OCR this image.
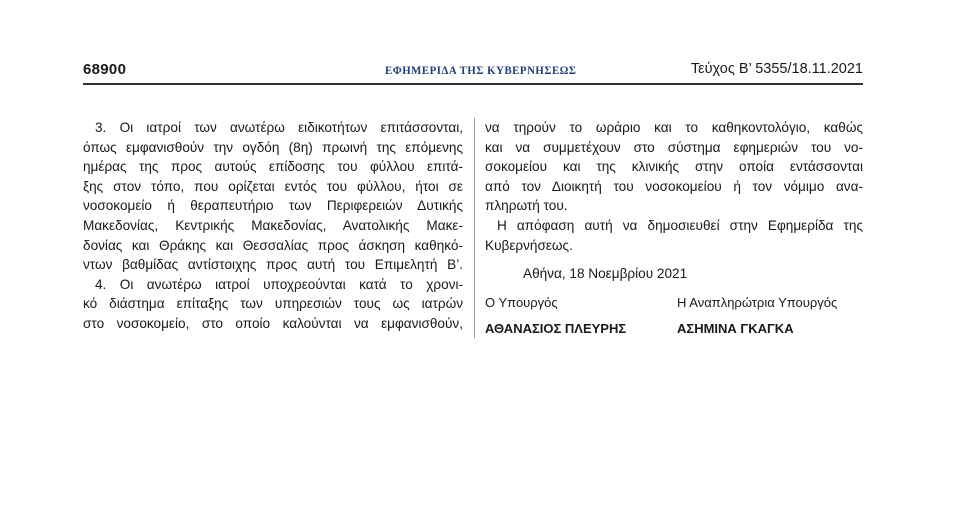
68900	ΕΦΗΜΕΡΙΔΑ ΤΗΣ ΚΥΒΕΡΝΗΣΕΩΣ	Τεύχος Β’ 5355/18.11.2021

3. Οι ιατροί των ανωτέρω ειδικοτήτων επιτάσσονται,
όπως εμφανισθούν την ογδόη (8η) πρωινή της επόμενης
ημέρας της προς αυτούς επίδοσης του φύλλου επιτά-
ξης στον τόπο, που ορίζεται εντός του φύλλου, ήτοι σε
νοσοκομείο ή θεραπευτήριο των Περιφερειών Δυτικής
Μακεδονίας, Κεντρικής Μακεδονίας, Ανατολικής Μακε-
δονίας και Θράκης και Θεσσαλίας προς άσκηση καθηκό-
ντων βαθμίδας αντίστοιχης προς αυτή του Επιμελητή Β’.

4. Οι ανωτέρω ιατροί υποχρεούνται κατά το χρονι-
κό διάστημα επίταξης των υπηρεσιών τους ως ιατρών
στο νοσοκομείο, στο οποίο καλούνται να εμφανισθούν,

να τηρούν το ωράριο και το καθηκοντολόγιο, καθώς
και να συμμετέχουν στο σύστημα εφημεριών του νο-
σοκομείου και της κλινικής στην οποία εντάσσονται
από τον Διοικητή του νοσοκομείου ή τον νόμιμο ανα-
πληρωτή του.

Η απόφαση αυτή να δημοσιευθεί στην Εφημερίδα της
Κυβερνήσεως.

Αθήνα, 18 Νοεμβρίου 2021
Ο Υπουργός
ΑΘΑΝΑΣΙΟΣ ΠΛΕΥΡΗΣ
Η Αναπληρώτρια Υπουργός
ΑΣΗΜΙΝΑ ΓΚΑΓΚΑ
